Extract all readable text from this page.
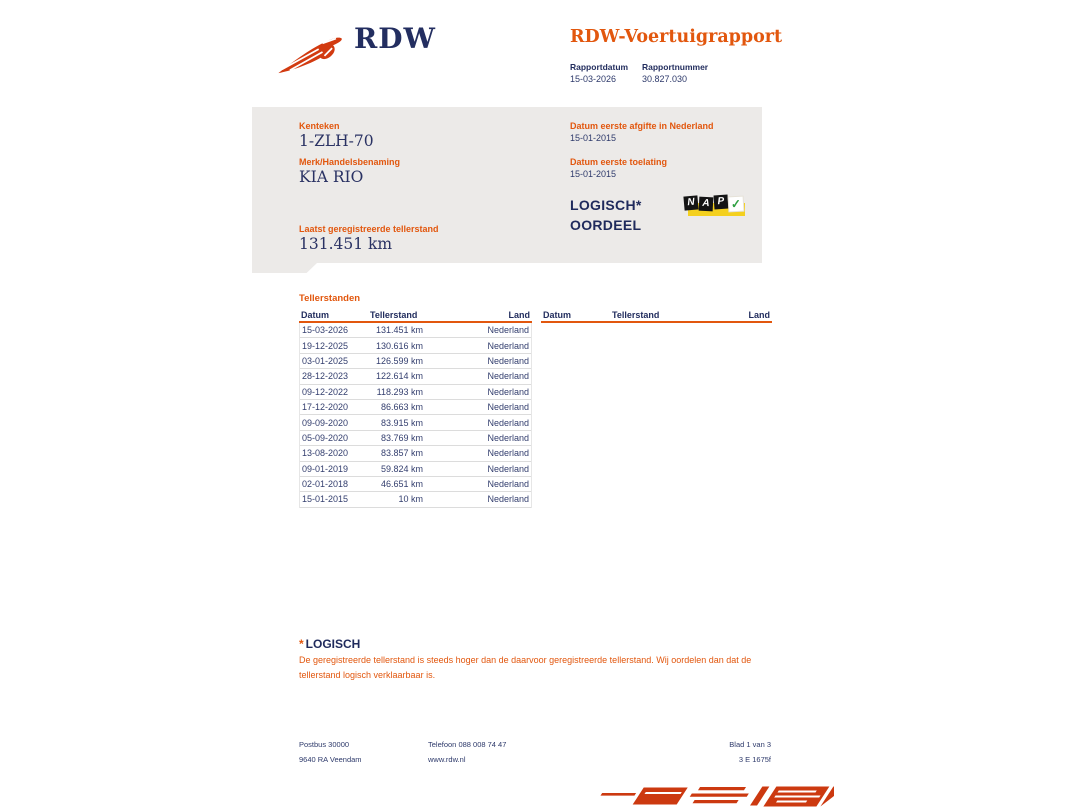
RDW	RDW-Voertuigrapport
Rapportdatum
15-03-2026
Rapportnummer
30.827.030
Kenteken
1-ZLH-70
Merk/Handelsbenaming
KIA RIO
Laatst geregistreerde tellerstand
131.451 km
Datum eerste afgifte in Nederland
15-01-2015
Datum eerste toelating
15-01-2015
LOGISCH*
OORDEEL
N A P ✓
Tellerstanden
Datum	Tellerstand	Land
15-03-2026	131.451 km	Nederland
19-12-2025	130.616 km	Nederland
03-01-2025	126.599 km	Nederland
28-12-2023	122.614 km	Nederland
09-12-2022	118.293 km	Nederland
17-12-2020	86.663 km	Nederland
09-09-2020	83.915 km	Nederland
05-09-2020	83.769 km	Nederland
13-08-2020	83.857 km	Nederland
09-01-2019	59.824 km	Nederland
02-01-2018	46.651 km	Nederland
15-01-2015	10 km	Nederland
Datum	Tellerstand	Land
* LOGISCH
De geregistreerde tellerstand is steeds hoger dan de daarvoor geregistreerde tellerstand. Wij oordelen dan dat de tellerstand logisch verklaarbaar is.
Postbus 30000
9640 RA Veendam
Telefoon 088 008 74 47
www.rdw.nl
Blad 1 van 3
3 E 1675f
